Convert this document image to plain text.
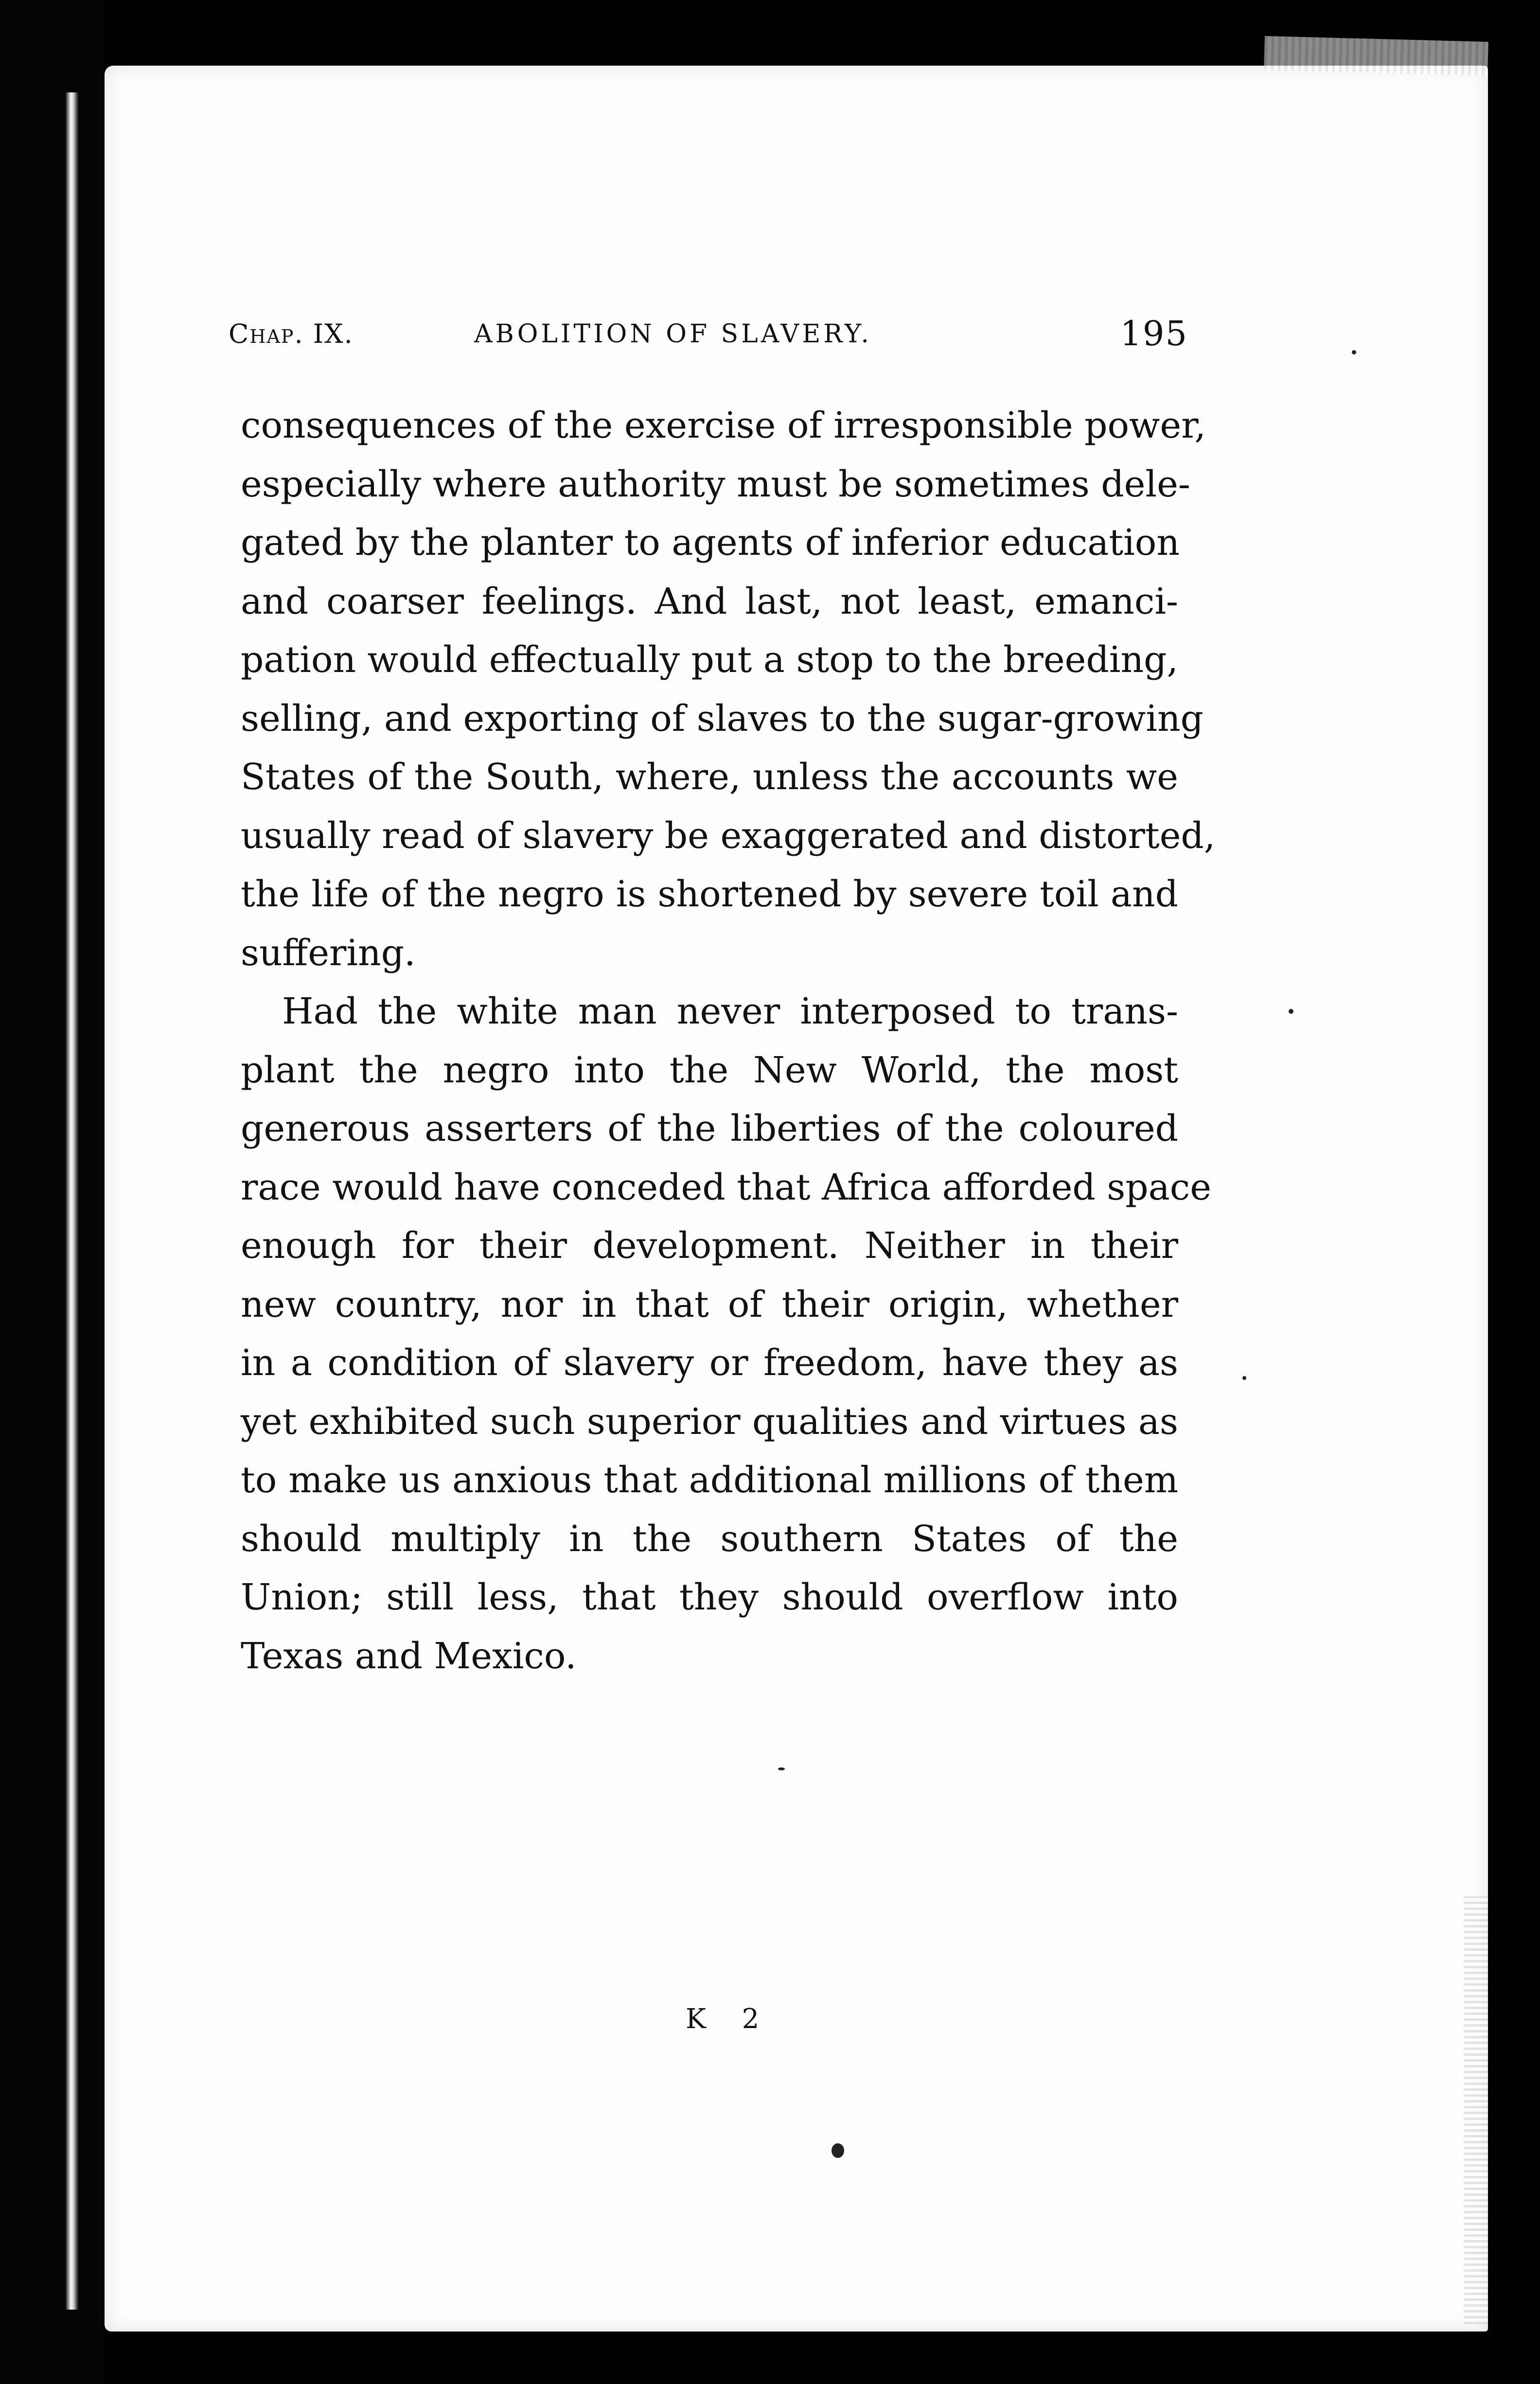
Chap. IX.	ABOLITION OF SLAVERY.	195

consequences of the exercise of irresponsible power,
especially where authority must be sometimes dele-
gated by the planter to agents of inferior education
and coarser feelings. And last, not least, emanci-
pation would effectually put a stop to the breeding,
selling, and exporting of slaves to the sugar-growing
States of the South, where, unless the accounts we
usually read of slavery be exaggerated and distorted,
the life of the negro is shortened by severe toil and
suffering.

Had the white man never interposed to trans-
plant the negro into the New World, the most
generous asserters of the liberties of the coloured
race would have conceded that Africa afforded space
enough for their development. Neither in their
new country, nor in that of their origin, whether
in a condition of slavery or freedom, have they as
yet exhibited such superior qualities and virtues as
to make us anxious that additional millions of them
should multiply in the southern States of the
Union; still less, that they should overflow into
Texas and Mexico.

K 2
